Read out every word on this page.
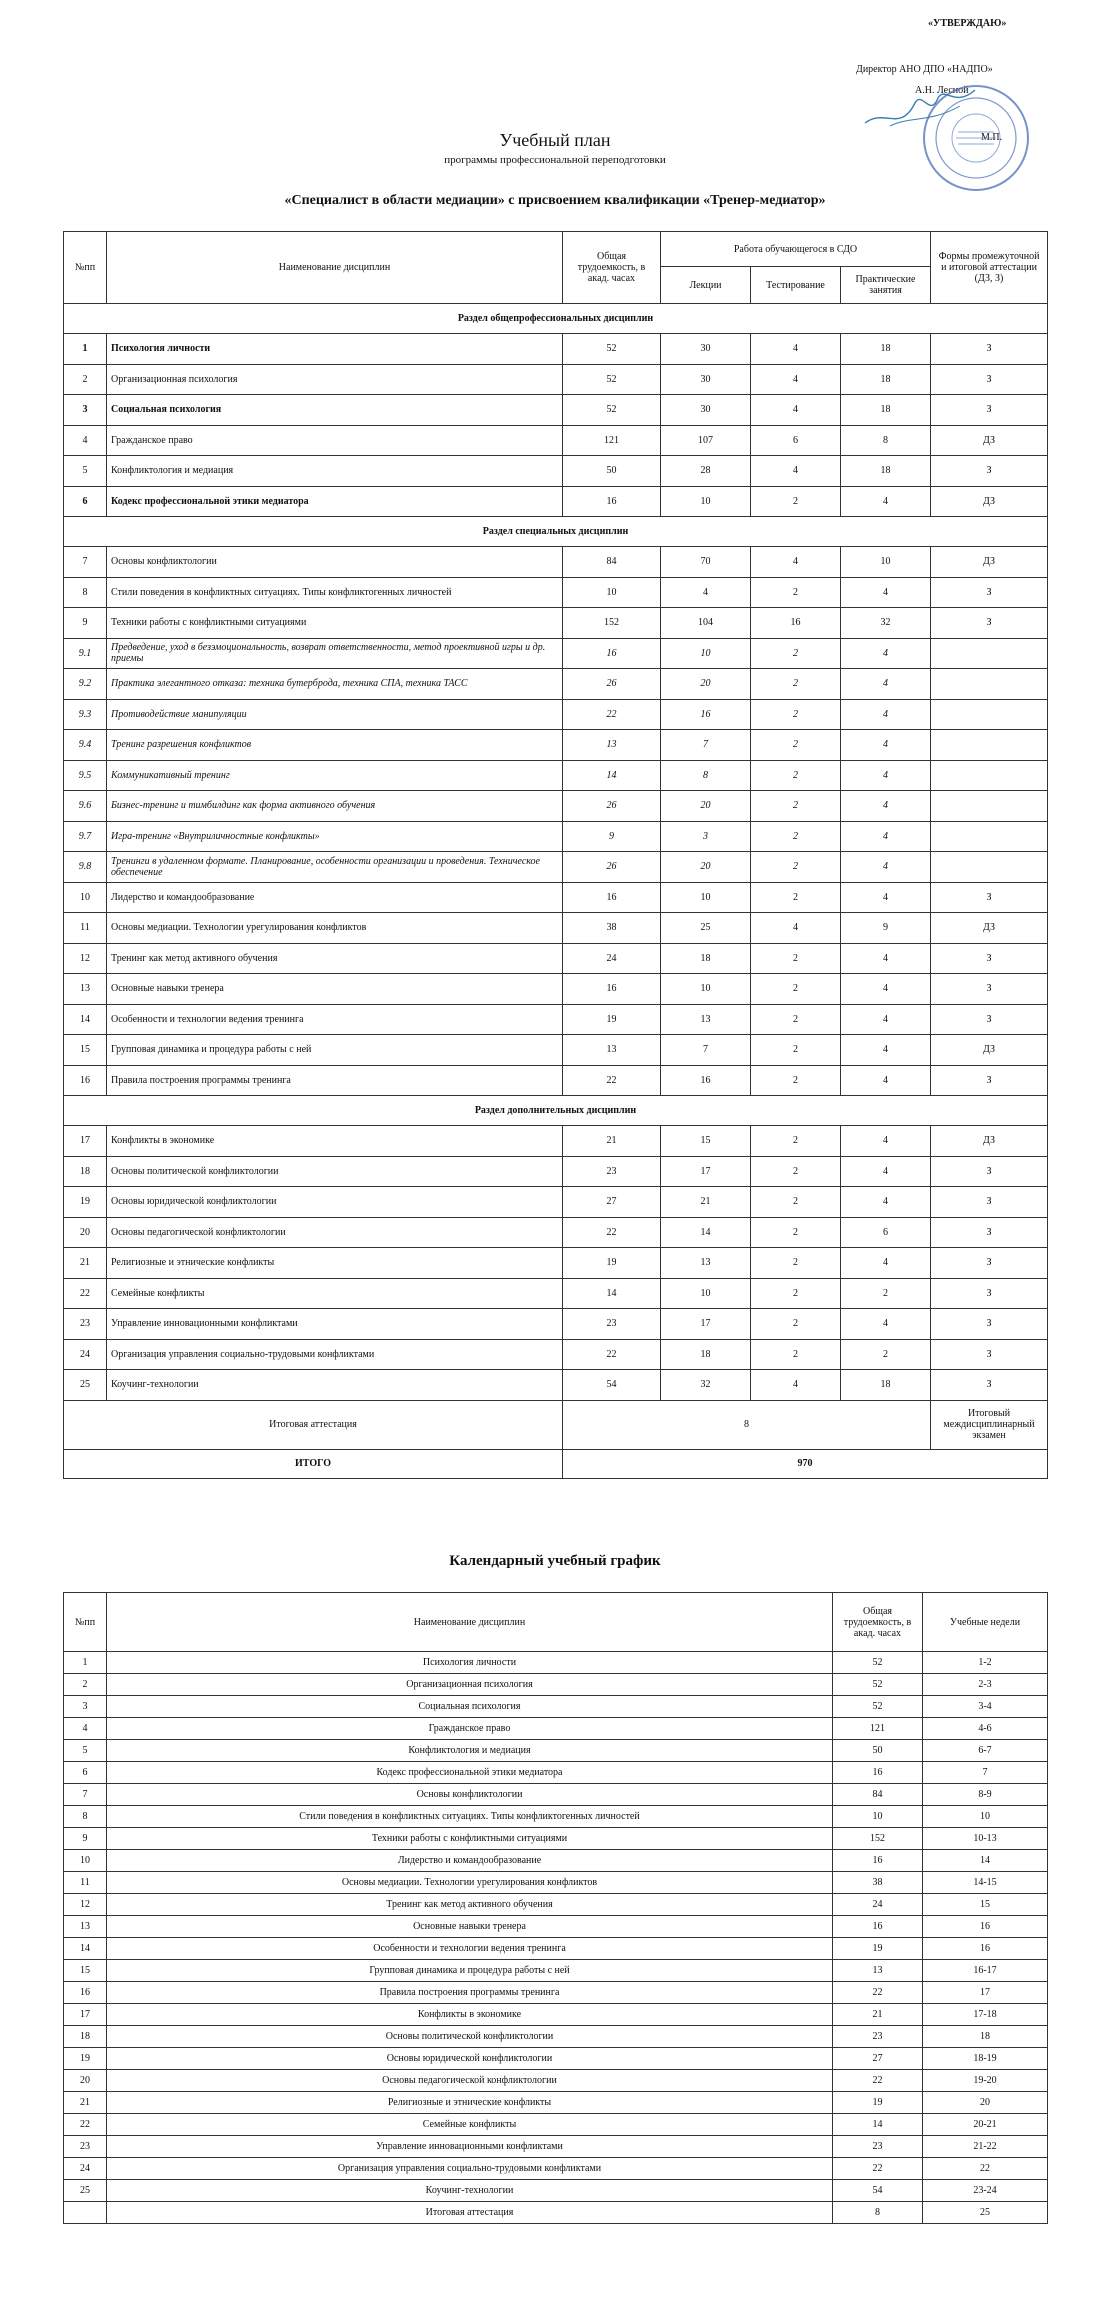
«УТВЕРЖДАЮ»
Директор АНО ДПО «НАДПО»
А.Н. Лесной
М.П.
Учебный план
программы профессиональной переподготовки
«Специалист в области медиации» с присвоением квалификации «Тренер-медиатор»
№пп	Наименование дисциплин	Общая трудоемкость, в акад. часах	Работа обучающегося в СДО			Формы промежуточной и итоговой аттестации (ДЗ, З)
			Лекции	Тестирование	Практические занятия	
Раздел общепрофессиональных дисциплин						
1	Психология личности	52	30	4	18	З
2	Организационная психология	52	30	4	18	З
3	Социальная психология	52	30	4	18	З
4	Гражданское право	121	107	6	8	ДЗ
5	Конфликтология и медиация	50	28	4	18	З
6	Кодекс профессиональной этики медиатора	16	10	2	4	ДЗ
Раздел специальных дисциплин						
7	Основы конфликтологии	84	70	4	10	ДЗ
8	Стили поведения в конфликтных ситуациях. Типы конфликтогенных личностей	10	4	2	4	З
9	Техники работы с конфликтными ситуациями	152	104	16	32	З
9.1	Предведение, уход в безэмоциональность, возврат ответственности, метод проективной игры и др. приемы	16	10	2	4	
9.2	Практика элегантного отказа: техника бутерброда, техника СПА, техника ТАСС	26	20	2	4	
9.3	Противодействие манипуляции	22	16	2	4	
9.4	Тренинг разрешения конфликтов	13	7	2	4	
9.5	Коммуникативный тренинг	14	8	2	4	
9.6	Бизнес-тренинг и тимбилдинг как форма активного обучения	26	20	2	4	
9.7	Игра-тренинг «Внутриличностные конфликты»	9	3	2	4	
9.8	Тренинги в удаленном формате. Планирование, особенности организации и проведения. Техническое обеспечение	26	20	2	4	
10	Лидерство и командообразование	16	10	2	4	З
11	Основы медиации. Технологии урегулирования конфликтов	38	25	4	9	ДЗ
12	Тренинг как метод активного обучения	24	18	2	4	З
13	Основные навыки тренера	16	10	2	4	З
14	Особенности и технологии ведения тренинга	19	13	2	4	З
15	Групповая динамика и процедура работы с ней	13	7	2	4	ДЗ
16	Правила построения программы тренинга	22	16	2	4	З
Раздел дополнительных дисциплин						
17	Конфликты в экономике	21	15	2	4	ДЗ
18	Основы политической конфликтологии	23	17	2	4	З
19	Основы юридической конфликтологии	27	21	2	4	З
20	Основы педагогической конфликтологии	22	14	2	6	З
21	Религиозные и этнические конфликты	19	13	2	4	З
22	Семейные конфликты	14	10	2	2	З
23	Управление инновационными конфликтами	23	17	2	4	З
24	Организация управления социально-трудовыми конфликтами	22	18	2	2	З
25	Коучинг-технологии	54	32	4	18	З
Итоговая аттестация		8				Итоговый междисциплинарный экзамен
ИТОГО		970				
Календарный учебный график
№пп	Наименование дисциплин	Общая трудоемкость, в акад. часах	Учебные недели
1	Психология личности	52	1-2
2	Организационная психология	52	2-3
3	Социальная психология	52	3-4
4	Гражданское право	121	4-6
5	Конфликтология и медиация	50	6-7
6	Кодекс профессиональной этики медиатора	16	7
7	Основы конфликтологии	84	8-9
8	Стили поведения в конфликтных ситуациях. Типы конфликтогенных личностей	10	10
9	Техники работы с конфликтными ситуациями	152	10-13
10	Лидерство и командообразование	16	14
11	Основы медиации. Технологии урегулирования конфликтов	38	14-15
12	Тренинг как метод активного обучения	24	15
13	Основные навыки тренера	16	16
14	Особенности и технологии ведения тренинга	19	16
15	Групповая динамика и процедура работы с ней	13	16-17
16	Правила построения программы тренинга	22	17
17	Конфликты в экономике	21	17-18
18	Основы политической конфликтологии	23	18
19	Основы юридической конфликтологии	27	18-19
20	Основы педагогической конфликтологии	22	19-20
21	Религиозные и этнические конфликты	19	20
22	Семейные конфликты	14	20-21
23	Управление инновационными конфликтами	23	21-22
24	Организация управления социально-трудовыми конфликтами	22	22
25	Коучинг-технологии	54	23-24
	Итоговая аттестация	8	25
